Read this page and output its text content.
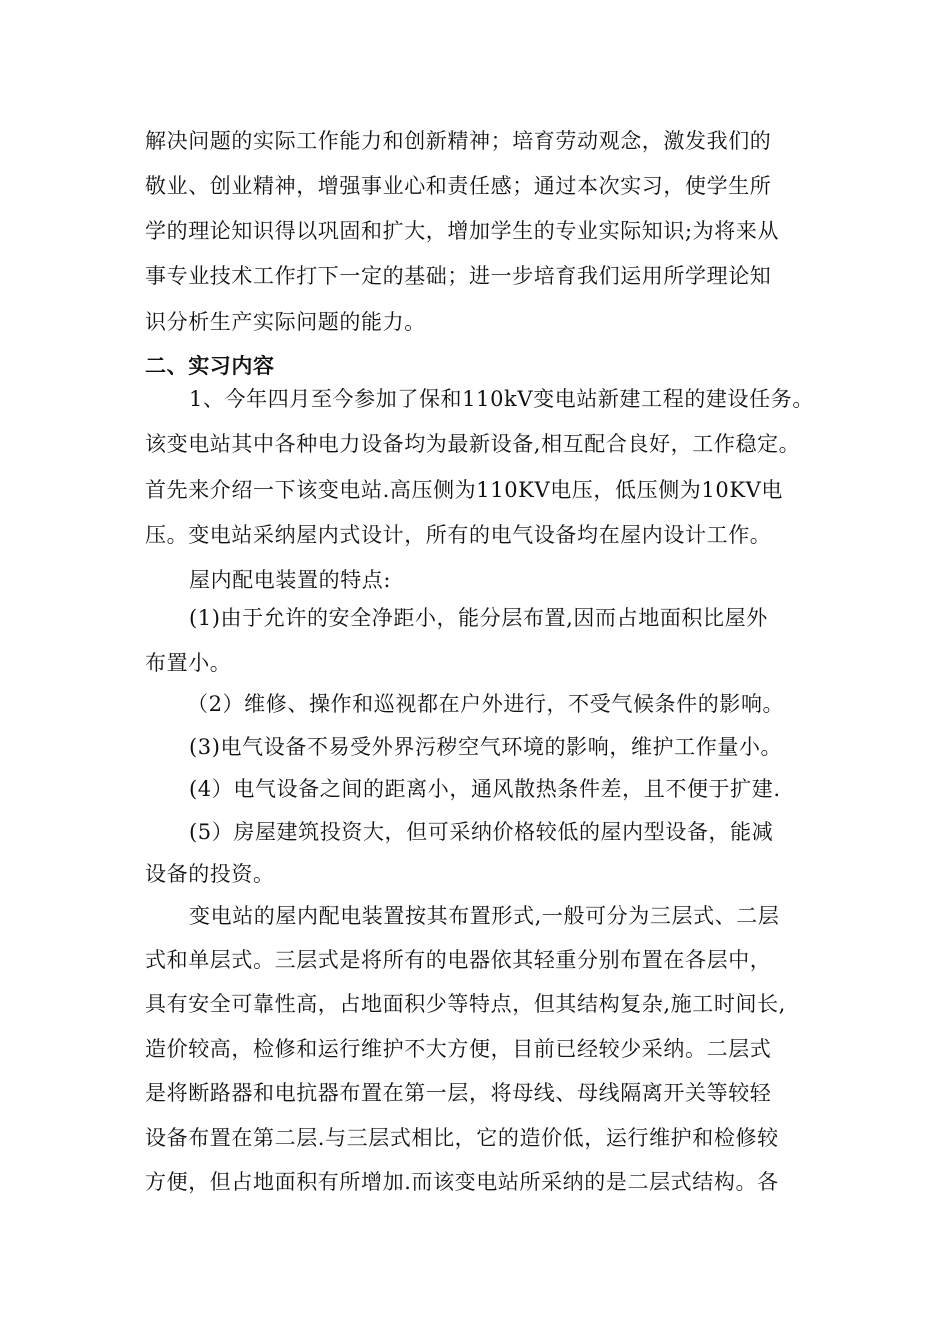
解决问题的实际工作能力和创新精神；培育劳动观念，激发我们的
敬业、创业精神，增强事业心和责任感；通过本次实习，使学生所
学的理论知识得以巩固和扩大，增加学生的专业实际知识;为将来从
事专业技术工作打下一定的基础；进一步培育我们运用所学理论知
识分析生产实际问题的能力。
二、实习内容
1、今年四月至今参加了保和110kV变电站新建工程的建设任务。
该变电站其中各种电力设备均为最新设备,相互配合良好，工作稳定。
首先来介绍一下该变电站.高压侧为110KV电压，低压侧为10KV电
压。变电站采纳屋内式设计，所有的电气设备均在屋内设计工作。
屋内配电装置的特点:
(1)由于允许的安全净距小，能分层布置,因而占地面积比屋外
布置小。
（2）维修、操作和巡视都在户外进行，不受气候条件的影响。
(3)电气设备不易受外界污秽空气环境的影响，维护工作量小。
(4）电气设备之间的距离小，通风散热条件差，且不便于扩建.
(5）房屋建筑投资大，但可采纳价格较低的屋内型设备，能减
设备的投资。
变电站的屋内配电装置按其布置形式,一般可分为三层式、二层
式和单层式。三层式是将所有的电器依其轻重分别布置在各层中，
具有安全可靠性高，占地面积少等特点，但其结构复杂,施工时间长,
造价较高，检修和运行维护不大方便，目前已经较少采纳。二层式
是将断路器和电抗器布置在第一层，将母线、母线隔离开关等较轻
设备布置在第二层.与三层式相比，它的造价低，运行维护和检修较
方便，但占地面积有所增加.而该变电站所采纳的是二层式结构。各
